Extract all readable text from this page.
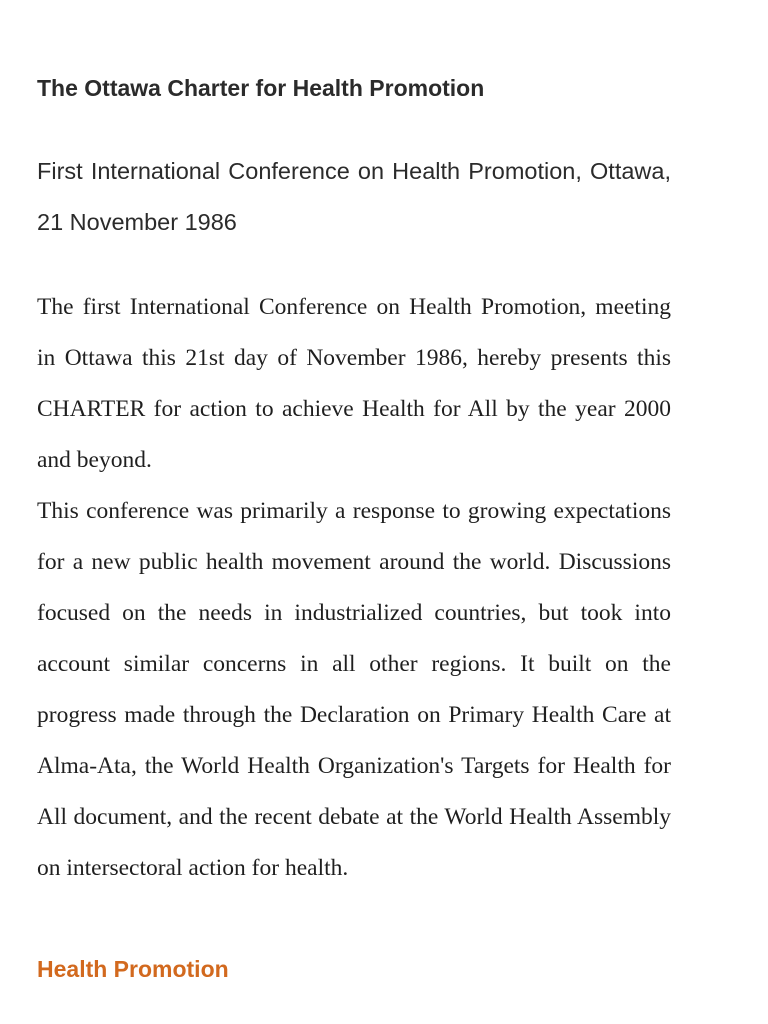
The Ottawa Charter for Health Promotion

First International Conference on Health Promotion, Ottawa, 21 November 1986

The first International Conference on Health Promotion, meeting in Ottawa this 21st day of November 1986, hereby presents this CHARTER for action to achieve Health for All by the year 2000 and beyond.

This conference was primarily a response to growing expectations for a new public health movement around the world. Discussions focused on the needs in industrialized countries, but took into account similar concerns in all other regions. It built on the progress made through the Declaration on Primary Health Care at Alma-Ata, the World Health Organization's Targets for Health for All document, and the recent debate at the World Health Assembly on intersectoral action for health.

Health Promotion
